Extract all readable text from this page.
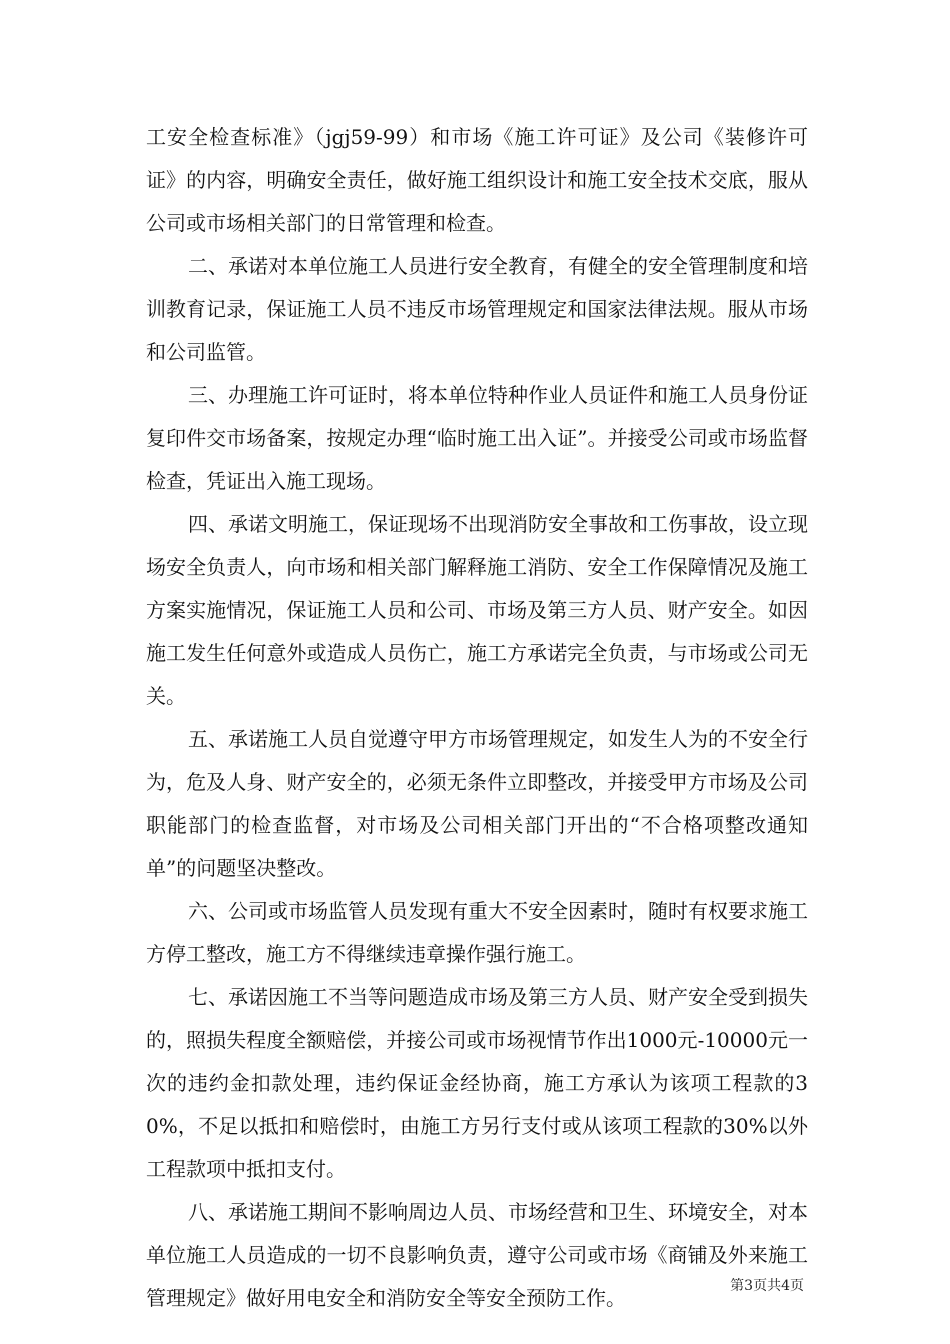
工安全检查标准》（jgj59-99）和市场《施工许可证》及公司《装修许可证》的内容，明确安全责任，做好施工组织设计和施工安全技术交底，服从公司或市场相关部门的日常管理和检查。

二、承诺对本单位施工人员进行安全教育，有健全的安全管理制度和培训教育记录，保证施工人员不违反市场管理规定和国家法律法规。服从市场和公司监管。

三、办理施工许可证时，将本单位特种作业人员证件和施工人员身份证复印件交市场备案，按规定办理“临时施工出入证”。并接受公司或市场监督检查，凭证出入施工现场。

四、承诺文明施工，保证现场不出现消防安全事故和工伤事故，设立现场安全负责人，向市场和相关部门解释施工消防、安全工作保障情况及施工方案实施情况，保证施工人员和公司、市场及第三方人员、财产安全。如因施工发生任何意外或造成人员伤亡，施工方承诺完全负责，与市场或公司无关。

五、承诺施工人员自觉遵守甲方市场管理规定，如发生人为的不安全行为，危及人身、财产安全的，必须无条件立即整改，并接受甲方市场及公司职能部门的检查监督，对市场及公司相关部门开出的“不合格项整改通知单”的问题坚决整改。

六、公司或市场监管人员发现有重大不安全因素时，随时有权要求施工方停工整改，施工方不得继续违章操作强行施工。

七、承诺因施工不当等问题造成市场及第三方人员、财产安全受到损失的，照损失程度全额赔偿，并接公司或市场视情节作出1000元-10000元一次的违约金扣款处理，违约保证金经协商，施工方承认为该项工程款的30%，不足以抵扣和赔偿时，由施工方另行支付或从该项工程款的30%以外工程款项中抵扣支付。

八、承诺施工期间不影响周边人员、市场经营和卫生、环境安全，对本单位施工人员造成的一切不良影响负责，遵守公司或市场《商铺及外来施工管理规定》做好用电安全和消防安全等安全预防工作。	第3页共4页
